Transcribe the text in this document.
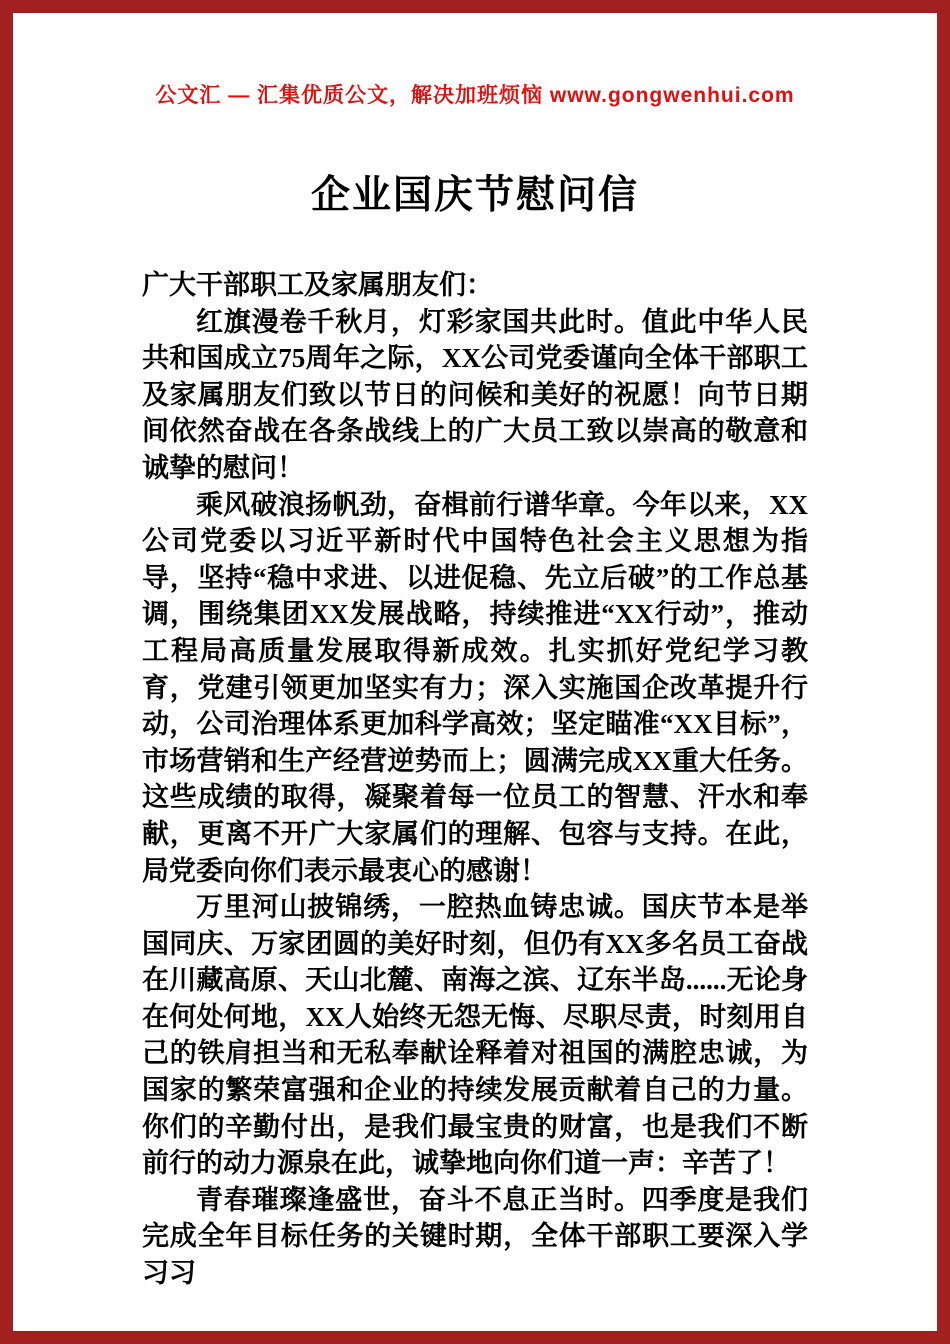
公文汇 — 汇集优质公文，解决加班烦恼 www.gongwenhui.com
企业国庆节慰问信

广大干部职工及家属朋友们：

红旗漫卷千秋月，灯彩家国共此时。值此中华人民共和国成立75周年之际，XX公司党委谨向全体干部职工及家属朋友们致以节日的问候和美好的祝愿！向节日期间依然奋战在各条战线上的广大员工致以崇高的敬意和诚挚的慰问！

乘风破浪扬帆劲，奋楫前行谱华章。今年以来，XX公司党委以习近平新时代中国特色社会主义思想为指导，坚持“稳中求进、以进促稳、先立后破”的工作总基调，围绕集团XX发展战略，持续推进“XX行动”，推动工程局高质量发展取得新成效。扎实抓好党纪学习教育，党建引领更加坚实有力；深入实施国企改革提升行动，公司治理体系更加科学高效；坚定瞄准“XX目标”，市场营销和生产经营逆势而上；圆满完成XX重大任务。这些成绩的取得，凝聚着每一位员工的智慧、汗水和奉献，更离不开广大家属们的理解、包容与支持。在此，局党委向你们表示最衷心的感谢！

万里河山披锦绣，一腔热血铸忠诚。国庆节本是举国同庆、万家团圆的美好时刻，但仍有XX多名员工奋战在川藏高原、天山北麓、南海之滨、辽东半岛......无论身在何处何地，XX人始终无怨无悔、尽职尽责，时刻用自己的铁肩担当和无私奉献诠释着对祖国的满腔忠诚，为国家的繁荣富强和企业的持续发展贡献着自己的力量。你们的辛勤付出，是我们最宝贵的财富，也是我们不断前行的动力源泉在此，诚挚地向你们道一声：辛苦了！

青春璀璨逢盛世，奋斗不息正当时。四季度是我们完成全年目标任务的关键时期，全体干部职工要深入学习习
